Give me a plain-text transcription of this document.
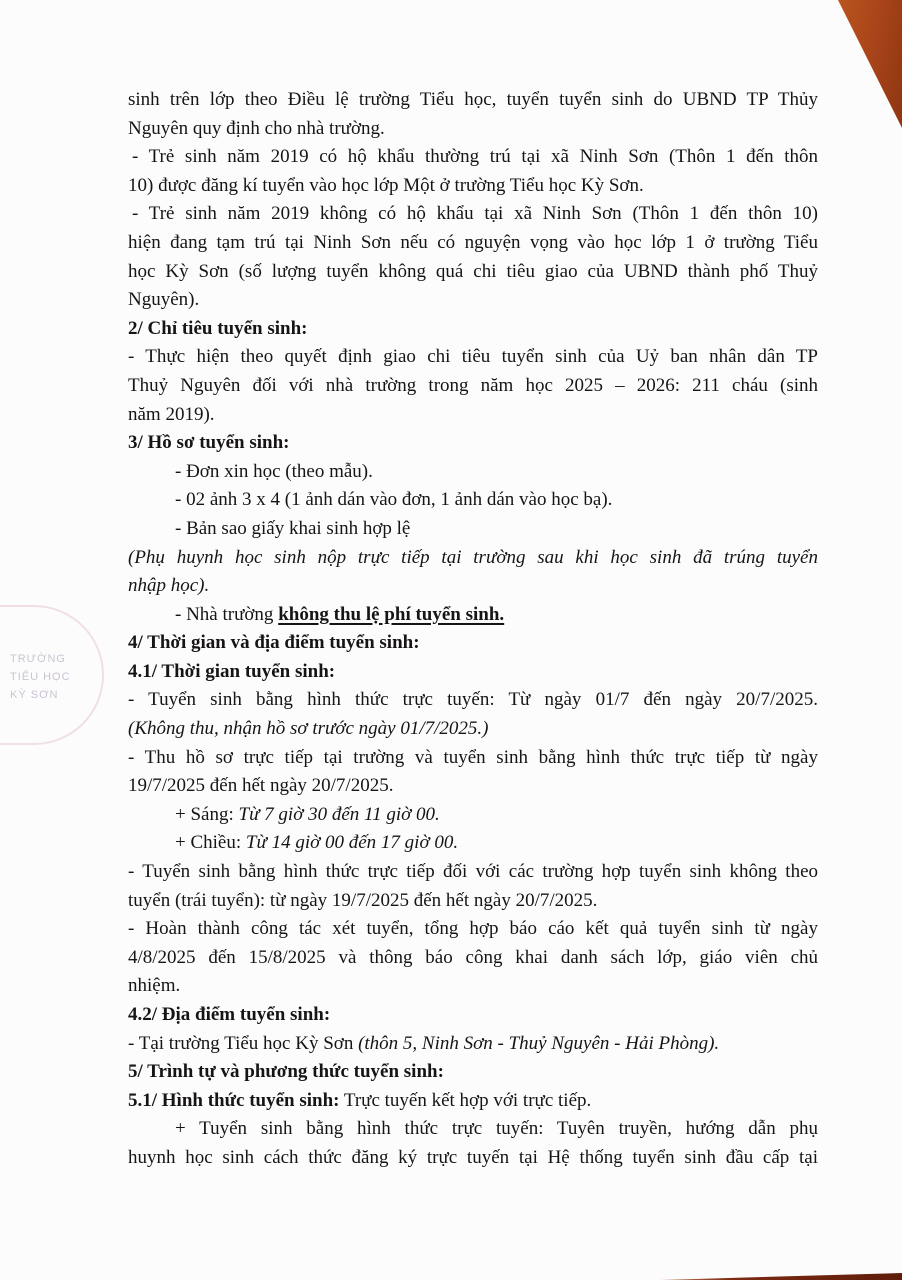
TRƯỜNG
TIỂU HỌC
KỲ SƠN
sinh trên lớp theo Điều lệ trường Tiểu học, tuyển tuyển sinh do UBND TP Thủy
Nguyên quy định cho nhà trường.
- Trẻ sinh năm 2019 có hộ khẩu thường trú tại xã Ninh Sơn (Thôn 1 đến thôn
10) được đăng kí tuyển vào học lớp Một ở trường Tiểu học Kỳ Sơn.
- Trẻ sinh năm 2019 không có hộ khẩu tại xã Ninh Sơn (Thôn 1 đến thôn 10)
hiện đang tạm trú tại Ninh Sơn nếu có nguyện vọng vào học lớp 1 ở trường Tiểu
học Kỳ Sơn (số lượng tuyển không quá chi tiêu giao của UBND thành phố Thuỷ
Nguyên).
2/ Chỉ tiêu tuyển sinh:
- Thực hiện theo quyết định giao chi tiêu tuyển sinh của Uỷ ban nhân dân TP
Thuỷ Nguyên đối với nhà trường trong năm học 2025 – 2026: 211 cháu (sinh
năm 2019).
3/ Hồ sơ tuyển sinh:
- Đơn xin học (theo mẫu).
- 02 ảnh 3 x 4 (1 ảnh dán vào đơn, 1 ảnh dán vào học bạ).
- Bản sao giấy khai sinh hợp lệ
(Phụ huynh học sinh nộp trực tiếp tại trường sau khi học sinh đã trúng tuyển
nhập học).
- Nhà trường không thu lệ phí tuyển sinh.
4/ Thời gian và địa điểm tuyển sinh:
4.1/ Thời gian tuyển sinh:
- Tuyển sinh bằng hình thức trực tuyến: Từ ngày 01/7 đến ngày 20/7/2025.
(Không thu, nhận hồ sơ trước ngày 01/7/2025.)
- Thu hồ sơ trực tiếp tại trường và tuyển sinh bằng hình thức trực tiếp từ ngày
19/7/2025 đến hết ngày 20/7/2025.
+ Sáng: Từ 7 giờ 30 đến 11 giờ 00.
+ Chiều: Từ 14 giờ 00 đến 17 giờ 00.
- Tuyển sinh bằng hình thức trực tiếp đối với các trường hợp tuyển sinh không theo
tuyển (trái tuyển): từ ngày 19/7/2025 đến hết ngày 20/7/2025.
- Hoàn thành công tác xét tuyển, tổng hợp báo cáo kết quả tuyển sinh từ ngày
4/8/2025 đến 15/8/2025 và thông báo công khai danh sách lớp, giáo viên chủ
nhiệm.
4.2/ Địa điểm tuyển sinh:
- Tại trường Tiểu học Kỳ Sơn (thôn 5, Ninh Sơn - Thuỷ Nguyên - Hải Phòng).
5/ Trình tự và phương thức tuyển sinh:
5.1/ Hình thức tuyển sinh: Trực tuyến kết hợp với trực tiếp.
+ Tuyển sinh bằng hình thức trực tuyến: Tuyên truyền, hướng dẫn phụ
huynh học sinh cách thức đăng ký trực tuyến tại Hệ thống tuyển sinh đầu cấp tại
